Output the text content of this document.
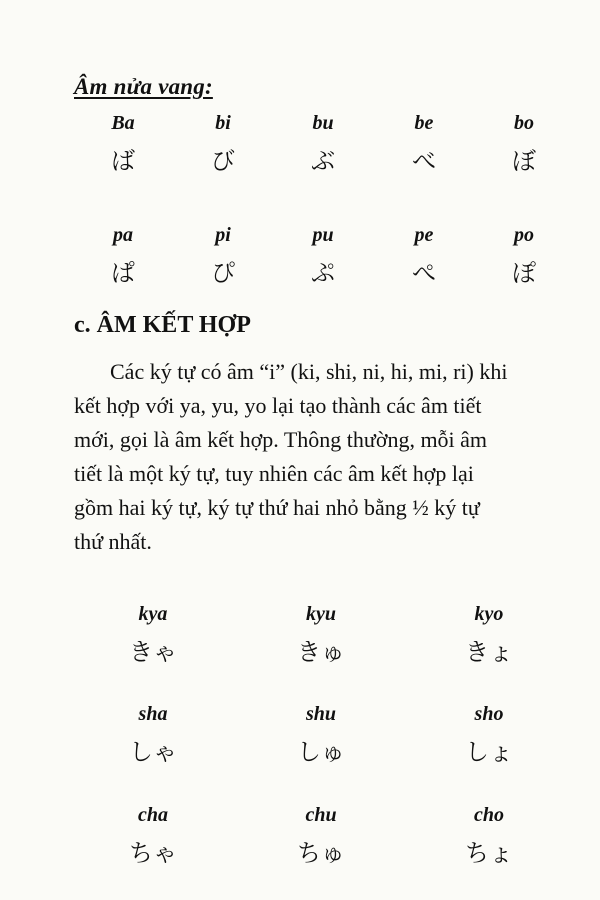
Âm nửa vang:
Ba
ば
bi
び
bu
ぶ
be
べ
bo
ぼ
pa
ぱ
pi
ぴ
pu
ぷ
pe
ぺ
po
ぽ
c. ÂM KẾT HỢP
Các ký tự có âm “i” (ki, shi, ni, hi, mi, ri) khi
kết hợp với ya, yu, yo lại tạo thành các âm tiết
mới, gọi là âm kết hợp. Thông thường, mỗi âm
tiết là một ký tự, tuy nhiên các âm kết hợp lại
gồm hai ký tự, ký tự thứ hai nhỏ bằng ½ ký tự
thứ nhất.
kya
きゃ
kyu
きゅ
kyo
きょ
sha
しゃ
shu
しゅ
sho
しょ
cha
ちゃ
chu
ちゅ
cho
ちょ
